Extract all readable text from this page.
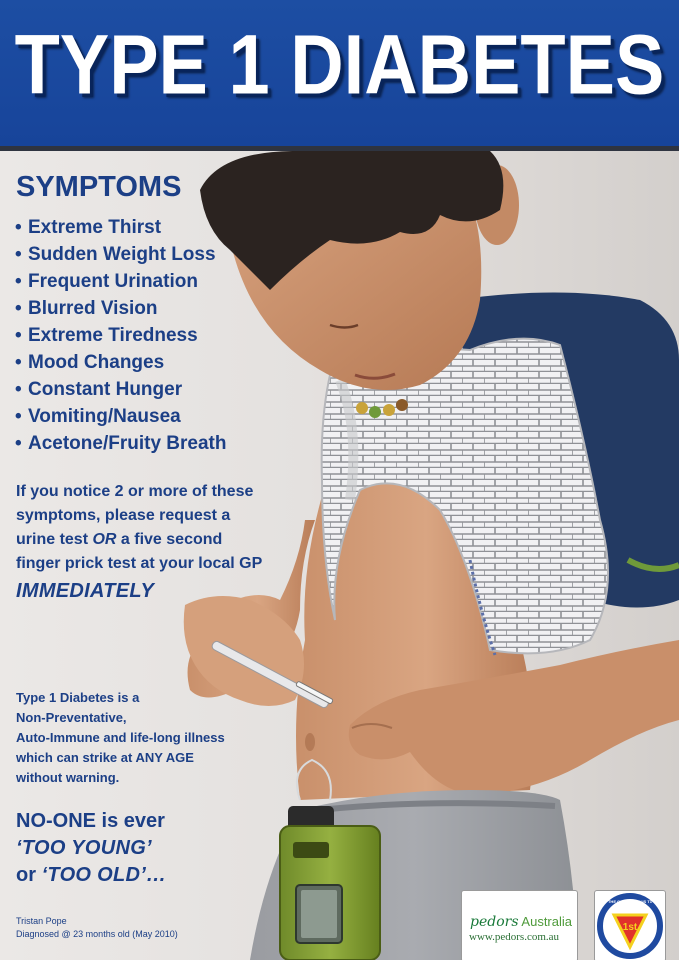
TYPE 1 DIABETES
SYMPTOMS
• Extreme Thirst
• Sudden Weight Loss
• Frequent Urination
• Blurred Vision
• Extreme Tiredness
• Mood Changes
• Constant Hunger
• Vomiting/Nausea
• Acetone/Fruity Breath
If you notice 2 or more of these
symptoms, please request a
urine test OR a five second
finger prick test at your local GP
IMMEDIATELY
Type 1 Diabetes is a
Non-Preventative,
Auto-Immune and life-long illness
which can strike at ANY AGE
without warning.
NO-ONE is ever
‘TOO YOUNG’
or ‘TOO OLD’…
Tristan Pope
Diagnosed @ 23 months old (May 2010)
pedors Australia
www.pedors.com.au
1st
THE COURAGEOUS T1
